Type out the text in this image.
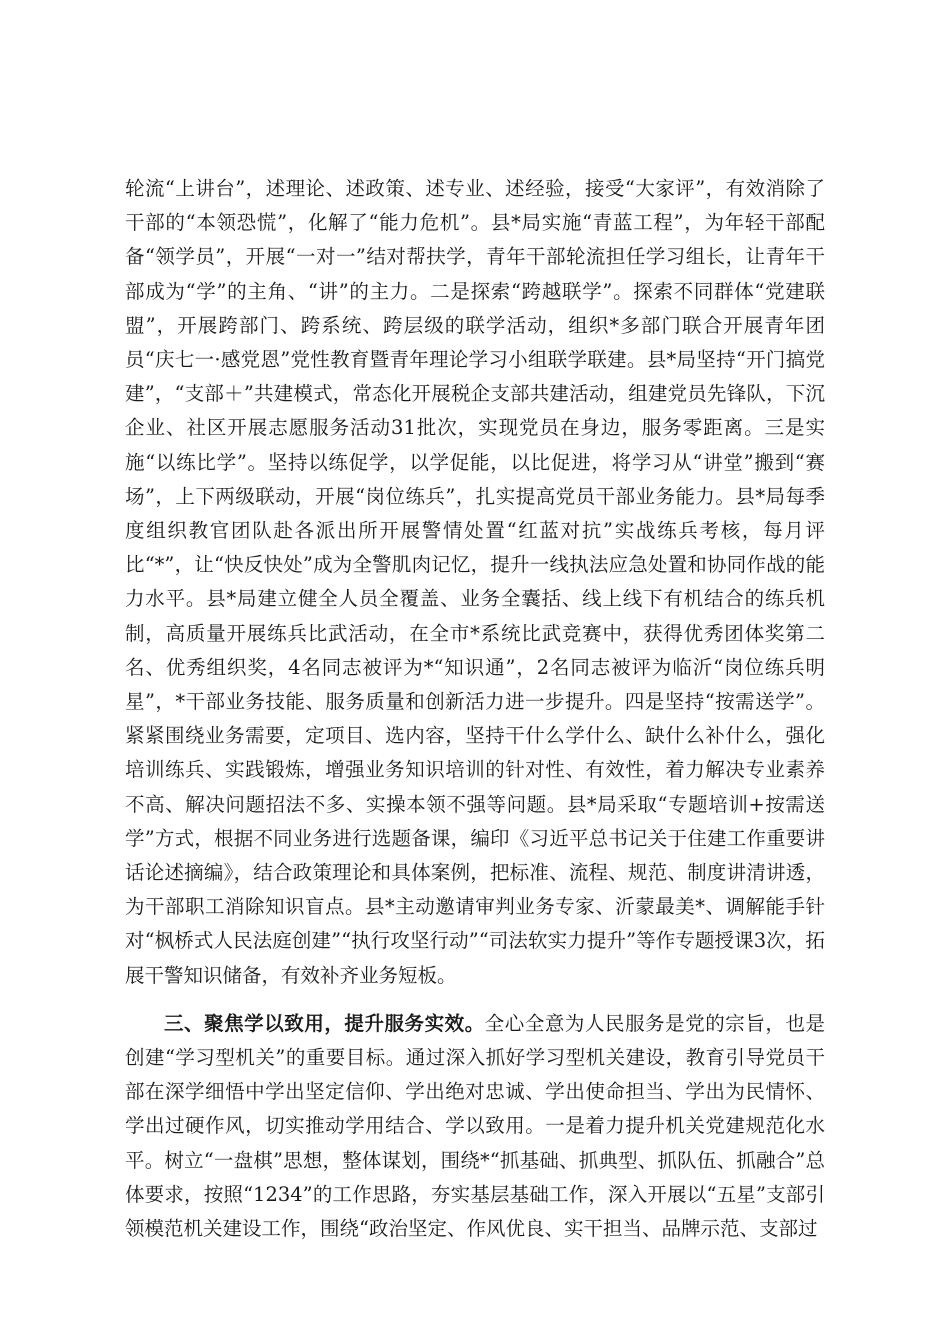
轮流“上讲台”，述理论、述政策、述专业、述经验，接受“大家评”，有效消除了干部的“本领恐慌”，化解了“能力危机”。县*局实施“青蓝工程”，为年轻干部配备“领学员”，开展“一对一”结对帮扶学，青年干部轮流担任学习组长，让青年干部成为“学”的主角、“讲”的主力。二是探索“跨越联学”。探索不同群体“党建联盟”，开展跨部门、跨系统、跨层级的联学活动，组织*多部门联合开展青年团员“庆七一·感党恩”党性教育暨青年理论学习小组联学联建。县*局坚持“开门搞党建”，“支部＋”共建模式，常态化开展税企支部共建活动，组建党员先锋队，下沉企业、社区开展志愿服务活动31批次，实现党员在身边，服务零距离。三是实施“以练比学”。坚持以练促学，以学促能，以比促进，将学习从“讲堂”搬到“赛场”，上下两级联动，开展“岗位练兵”，扎实提高党员干部业务能力。县*局每季度组织教官团队赴各派出所开展警情处置“红蓝对抗”实战练兵考核，每月评比“*”，让“快反快处”成为全警肌肉记忆，提升一线执法应急处置和协同作战的能力水平。县*局建立健全人员全覆盖、业务全囊括、线上线下有机结合的练兵机制，高质量开展练兵比武活动，在全市*系统比武竞赛中，获得优秀团体奖第二名、优秀组织奖，4名同志被评为*“知识通”，2名同志被评为临沂“岗位练兵明星”，*干部业务技能、服务质量和创新活力进一步提升。四是坚持“按需送学”。紧紧围绕业务需要，定项目、选内容，坚持干什么学什么、缺什么补什么，强化培训练兵、实践锻炼，增强业务知识培训的针对性、有效性，着力解决专业素养不高、解决问题招法不多、实操本领不强等问题。县*局采取“专题培训+按需送学”方式，根据不同业务进行选题备课，编印《习近平总书记关于住建工作重要讲话论述摘编》，结合政策理论和具体案例，把标准、流程、规范、制度讲清讲透，为干部职工消除知识盲点。县*主动邀请审判业务专家、沂蒙最美*、调解能手针对“枫桥式人民法庭创建”“执行攻坚行动”“司法软实力提升”等作专题授课3次，拓展干警知识储备，有效补齐业务短板。

三、聚焦学以致用，提升服务实效。全心全意为人民服务是党的宗旨，也是创建“学习型机关”的重要目标。通过深入抓好学习型机关建设，教育引导党员干部在深学细悟中学出坚定信仰、学出绝对忠诚、学出使命担当、学出为民情怀、学出过硬作风，切实推动学用结合、学以致用。一是着力提升机关党建规范化水平。树立“一盘棋”思想，整体谋划，围绕*“抓基础、抓典型、抓队伍、抓融合”总体要求，按照“1234”的工作思路，夯实基层基础工作，深入开展以“五星”支部引领模范机关建设工作，围绕“政治坚定、作风优良、实干担当、品牌示范、支部过
